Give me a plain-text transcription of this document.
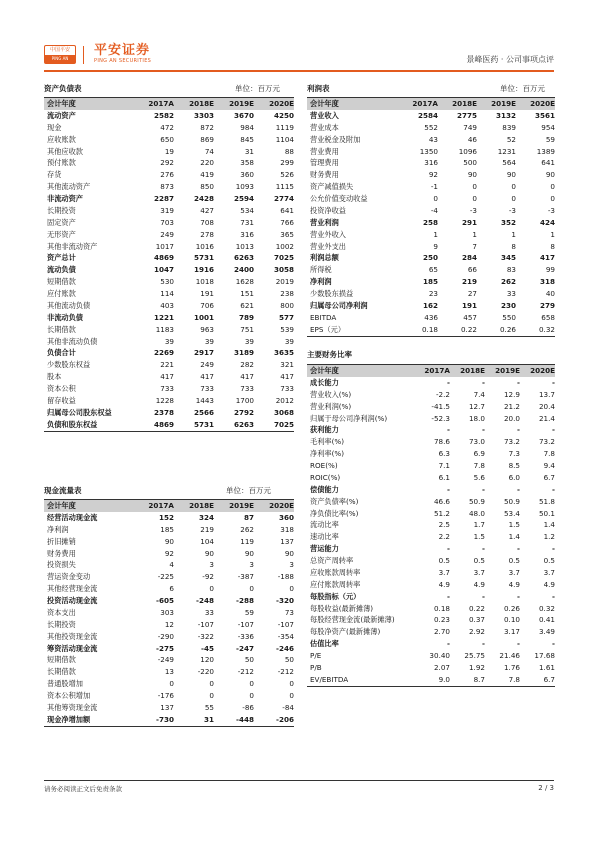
中国平安
PING AN
平安证券
PING AN SECURITIES	景峰医药 · 公司事项点评
资产负债表	单位：百万元
会计年度	2017A	2018E	2019E	2020E
流动资产	2582	3303	3670	4250
现金	472	872	984	1119
应收账款	650	869	845	1104
其他应收款	19	74	31	88
预付账款	292	220	358	299
存货	276	419	360	526
其他流动资产	873	850	1093	1115
非流动资产	2287	2428	2594	2774
长期投资	319	427	534	641
固定资产	703	708	731	766
无形资产	249	278	316	365
其他非流动资产	1017	1016	1013	1002
资产总计	4869	5731	6263	7025
流动负债	1047	1916	2400	3058
短期借款	530	1018	1628	2019
应付账款	114	191	151	238
其他流动负债	403	706	621	800
非流动负债	1221	1001	789	577
长期借款	1183	963	751	539
其他非流动负债	39	39	39	39
负债合计	2269	2917	3189	3635
少数股东权益	221	249	282	321
股本	417	417	417	417
资本公积	733	733	733	733
留存收益	1228	1443	1700	2012
归属母公司股东权益	2378	2566	2792	3068
负债和股东权益	4869	5731	6263	7025
利润表	单位：百万元
会计年度	2017A	2018E	2019E	2020E
营业收入	2584	2775	3132	3561
营业成本	552	749	839	954
营业税金及附加	43	46	52	59
营业费用	1350	1096	1231	1389
管理费用	316	500	564	641
财务费用	92	90	90	90
资产减值损失	-1	0	0	0
公允价值变动收益	0	0	0	0
投资净收益	-4	-3	-3	-3
营业利润	258	291	352	424
营业外收入	1	1	1	1
营业外支出	9	7	8	8
利润总额	250	284	345	417
所得税	65	66	83	99
净利润	185	219	262	318
少数股东损益	23	27	33	40
归属母公司净利润	162	191	230	279
EBITDA	436	457	550	658
EPS（元）	0.18	0.22	0.26	0.32
现金流量表	单位：百万元
会计年度	2017A	2018E	2019E	2020E
经营活动现金流	152	324	87	360
净利润	185	219	262	318
折旧摊销	90	104	119	137
财务费用	92	90	90	90
投资损失	4	3	3	3
营运资金变动	-225	-92	-387	-188
其他经营现金流	6	0	0	0
投资活动现金流	-605	-248	-288	-320
资本支出	303	33	59	73
长期投资	12	-107	-107	-107
其他投资现金流	-290	-322	-336	-354
筹资活动现金流	-275	-45	-247	-246
短期借款	-249	120	50	50
长期借款	13	-220	-212	-212
普通股增加	0	0	0	0
资本公积增加	-176	0	0	0
其他筹资现金流	137	55	-86	-84
现金净增加额	-730	31	-448	-206
主要财务比率
会计年度	2017A	2018E	2019E	2020E
成长能力	-	-	-	-
营业收入(%)	-2.2	7.4	12.9	13.7
营业利润(%)	-41.5	12.7	21.2	20.4
归属于母公司净利润(%)	-52.3	18.0	20.0	21.4
获利能力	-	-	-	-
毛利率(%)	78.6	73.0	73.2	73.2
净利率(%)	6.3	6.9	7.3	7.8
ROE(%)	7.1	7.8	8.5	9.4
ROIC(%)	6.1	5.6	6.0	6.7
偿债能力	-	-	-	-
资产负债率(%)	46.6	50.9	50.9	51.8
净负债比率(%)	51.2	48.0	53.4	50.1
流动比率	2.5	1.7	1.5	1.4
速动比率	2.2	1.5	1.4	1.2
营运能力	-	-	-	-
总资产周转率	0.5	0.5	0.5	0.5
应收账款周转率	3.7	3.7	3.7	3.7
应付账款周转率	4.9	4.9	4.9	4.9
每股指标（元）	-	-	-	-
每股收益(最新摊薄)	0.18	0.22	0.26	0.32
每股经营现金流(最新摊薄)	0.23	0.37	0.10	0.41
每股净资产(最新摊薄)	2.70	2.92	3.17	3.49
估值比率	-	-	-	-
P/E	30.40	25.75	21.46	17.68
P/B	2.07	1.92	1.76	1.61
EV/EBITDA	9.0	8.7	7.8	6.7
请务必阅读正文后免责条款	2 / 3
